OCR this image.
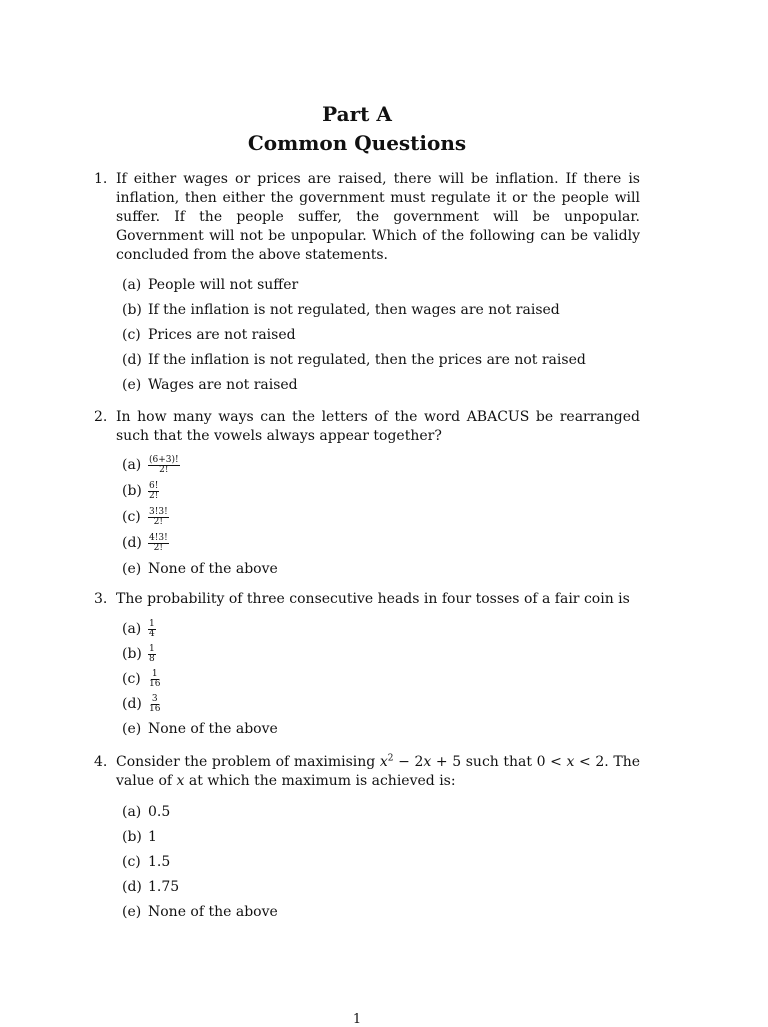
Part A
Common Questions
1. If either wages or prices are raised, there will be inflation. If there is inflation, then either the government must regulate it or the people will suffer. If the people suffer, the government will be unpopular. Government will not be unpopular. Which of the following can be validly concluded from the above statements.
(a) People will not suffer
(b) If the inflation is not regulated, then wages are not raised
(c) Prices are not raised
(d) If the inflation is not regulated, then the prices are not raised
(e) Wages are not raised
2. In how many ways can the letters of the word ABACUS be rearranged such that the vowels always appear together?
$(a) \frac{(6+3)!}{2!}$
$(b) \frac{6!}{2!}$
$(c) \frac{3!3!}{2!}$
$(d) \frac{4!3!}{2!}$
(e) None of the above
3. The probability of three consecutive heads in four tosses of a fair coin is
$(a) \frac{1}{4}$
$(b) \frac{1}{8}$
$(c) \frac{1}{16}$
$(d) \frac{3}{16}$
(e) None of the above
4. Consider the problem of maximising $x^2 - 2x + 5$ such that 0 < x < 2. The value of x at which the maximum is achieved is:
(a) 0.5
(b) 1
(c) 1.5
(d) 1.75
(e) None of the above
1
